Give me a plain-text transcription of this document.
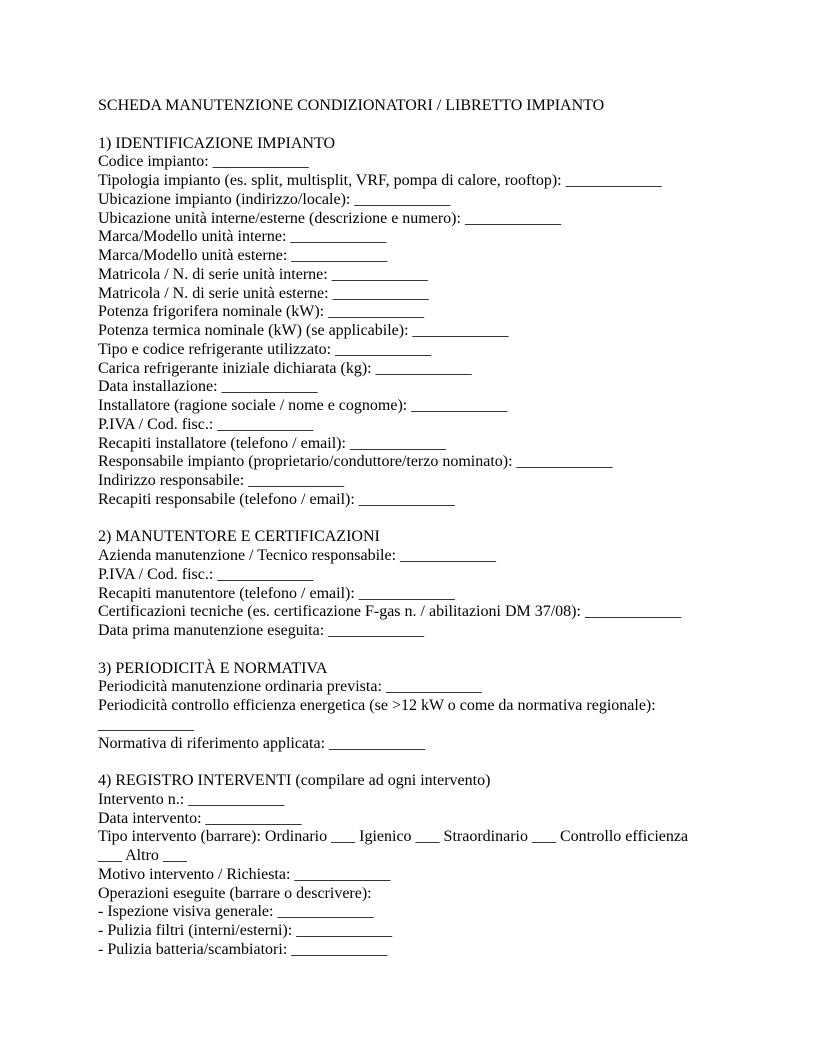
SCHEDA MANUTENZIONE CONDIZIONATORI / LIBRETTO IMPIANTO

1) IDENTIFICAZIONE IMPIANTO

Codice impianto: ____________

Tipologia impianto (es. split, multisplit, VRF, pompa di calore, rooftop): ____________

Ubicazione impianto (indirizzo/locale): ____________

Ubicazione unità interne/esterne (descrizione e numero): ____________

Marca/Modello unità interne: ____________

Marca/Modello unità esterne: ____________

Matricola / N. di serie unità interne: ____________

Matricola / N. di serie unità esterne: ____________

Potenza frigorifera nominale (kW): ____________

Potenza termica nominale (kW) (se applicabile): ____________

Tipo e codice refrigerante utilizzato: ____________

Carica refrigerante iniziale dichiarata (kg): ____________

Data installazione: ____________

Installatore (ragione sociale / nome e cognome): ____________

P.IVA / Cod. fisc.: ____________

Recapiti installatore (telefono / email): ____________

Responsabile impianto (proprietario/conduttore/terzo nominato): ____________

Indirizzo responsabile: ____________

Recapiti responsabile (telefono / email): ____________

2) MANUTENTORE E CERTIFICAZIONI

Azienda manutenzione / Tecnico responsabile: ____________

P.IVA / Cod. fisc.: ____________

Recapiti manutentore (telefono / email): ____________

Certificazioni tecniche (es. certificazione F-gas n. / abilitazioni DM 37/08): ____________

Data prima manutenzione eseguita: ____________

3) PERIODICITÀ E NORMATIVA

Periodicità manutenzione ordinaria prevista: ____________

Periodicità controllo efficienza energetica (se >12 kW o come da normativa regionale):

____________

Normativa di riferimento applicata: ____________

4) REGISTRO INTERVENTI (compilare ad ogni intervento)

Intervento n.: ____________

Data intervento: ____________

Tipo intervento (barrare): Ordinario ___ Igienico ___ Straordinario ___ Controllo efficienza

___ Altro ___

Motivo intervento / Richiesta: ____________

Operazioni eseguite (barrare o descrivere):

- Ispezione visiva generale: ____________

- Pulizia filtri (interni/esterni): ____________

- Pulizia batteria/scambiatori: ____________
